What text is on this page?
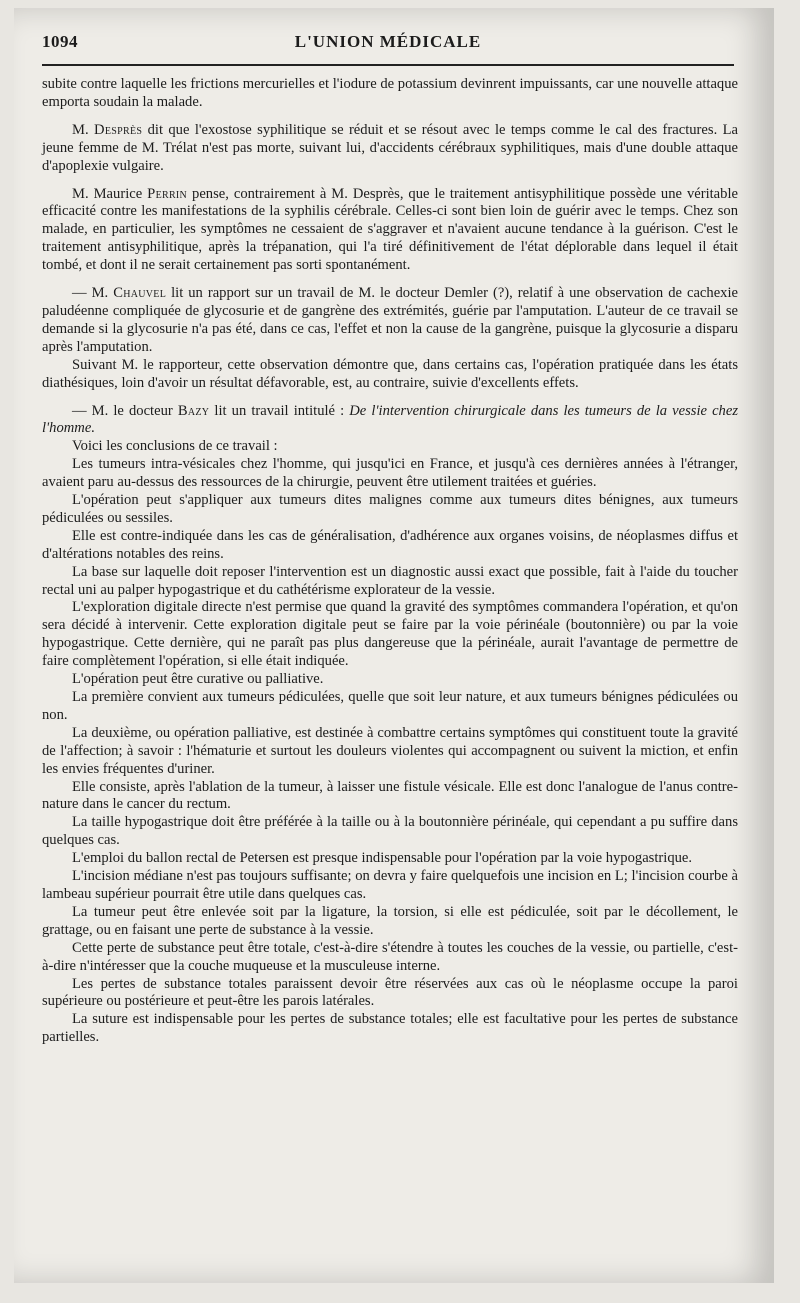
1094	L'UNION MÉDICALE

subite contre laquelle les frictions mercurielles et l'iodure de potassium devinrent impuissants, car une nouvelle attaque emporta soudain la malade.

M. Desprès dit que l'exostose syphilitique se réduit et se résout avec le temps comme le cal des fractures. La jeune femme de M. Trélat n'est pas morte, suivant lui, d'accidents cérébraux syphilitiques, mais d'une double attaque d'apoplexie vulgaire.

M. Maurice Perrin pense, contrairement à M. Desprès, que le traitement antisyphilitique possède une véritable efficacité contre les manifestations de la syphilis cérébrale. Celles-ci sont bien loin de guérir avec le temps. Chez son malade, en particulier, les symptômes ne cessaient de s'aggraver et n'avaient aucune tendance à la guérison. C'est le traitement antisyphilitique, après la trépanation, qui l'a tiré définitivement de l'état déplorable dans lequel il était tombé, et dont il ne serait certainement pas sorti spontanément.

— M. Chauvel lit un rapport sur un travail de M. le docteur Demler (?), relatif à une observation de cachexie paludéenne compliquée de glycosurie et de gangrène des extrémités, guérie par l'amputation. L'auteur de ce travail se demande si la glycosurie n'a pas été, dans ce cas, l'effet et non la cause de la gangrène, puisque la glycosurie a disparu après l'amputation.

Suivant M. le rapporteur, cette observation démontre que, dans certains cas, l'opération pratiquée dans les états diathésiques, loin d'avoir un résultat défavorable, est, au contraire, suivie d'excellents effets.

— M. le docteur Bazy lit un travail intitulé : De l'intervention chirurgicale dans les tumeurs de la vessie chez l'homme.

Voici les conclusions de ce travail :

Les tumeurs intra-vésicales chez l'homme, qui jusqu'ici en France, et jusqu'à ces dernières années à l'étranger, avaient paru au-dessus des ressources de la chirurgie, peuvent être utilement traitées et guéries.

L'opération peut s'appliquer aux tumeurs dites malignes comme aux tumeurs dites bénignes, aux tumeurs pédiculées ou sessiles.

Elle est contre-indiquée dans les cas de généralisation, d'adhérence aux organes voisins, de néoplasmes diffus et d'altérations notables des reins.

La base sur laquelle doit reposer l'intervention est un diagnostic aussi exact que possible, fait à l'aide du toucher rectal uni au palper hypogastrique et du cathétérisme explorateur de la vessie.

L'exploration digitale directe n'est permise que quand la gravité des symptômes commandera l'opération, et qu'on sera décidé à intervenir. Cette exploration digitale peut se faire par la voie périnéale (boutonnière) ou par la voie hypogastrique. Cette dernière, qui ne paraît pas plus dangereuse que la périnéale, aurait l'avantage de permettre de faire complètement l'opération, si elle était indiquée.

L'opération peut être curative ou palliative.

La première convient aux tumeurs pédiculées, quelle que soit leur nature, et aux tumeurs bénignes pédiculées ou non.

La deuxième, ou opération palliative, est destinée à combattre certains symptômes qui constituent toute la gravité de l'affection; à savoir : l'hématurie et surtout les douleurs violentes qui accompagnent ou suivent la miction, et enfin les envies fréquentes d'uriner.

Elle consiste, après l'ablation de la tumeur, à laisser une fistule vésicale. Elle est donc l'analogue de l'anus contre-nature dans le cancer du rectum.

La taille hypogastrique doit être préférée à la taille ou à la boutonnière périnéale, qui cependant a pu suffire dans quelques cas.

L'emploi du ballon rectal de Petersen est presque indispensable pour l'opération par la voie hypogastrique.

L'incision médiane n'est pas toujours suffisante; on devra y faire quelquefois une incision en L; l'incision courbe à lambeau supérieur pourrait être utile dans quelques cas.

La tumeur peut être enlevée soit par la ligature, la torsion, si elle est pédiculée, soit par le décollement, le grattage, ou en faisant une perte de substance à la vessie.

Cette perte de substance peut être totale, c'est-à-dire s'étendre à toutes les couches de la vessie, ou partielle, c'est-à-dire n'intéresser que la couche muqueuse et la musculeuse interne.

Les pertes de substance totales paraissent devoir être réservées aux cas où le néoplasme occupe la paroi supérieure ou postérieure et peut-être les parois latérales.

La suture est indispensable pour les pertes de substance totales; elle est facultative pour les pertes de substance partielles.
